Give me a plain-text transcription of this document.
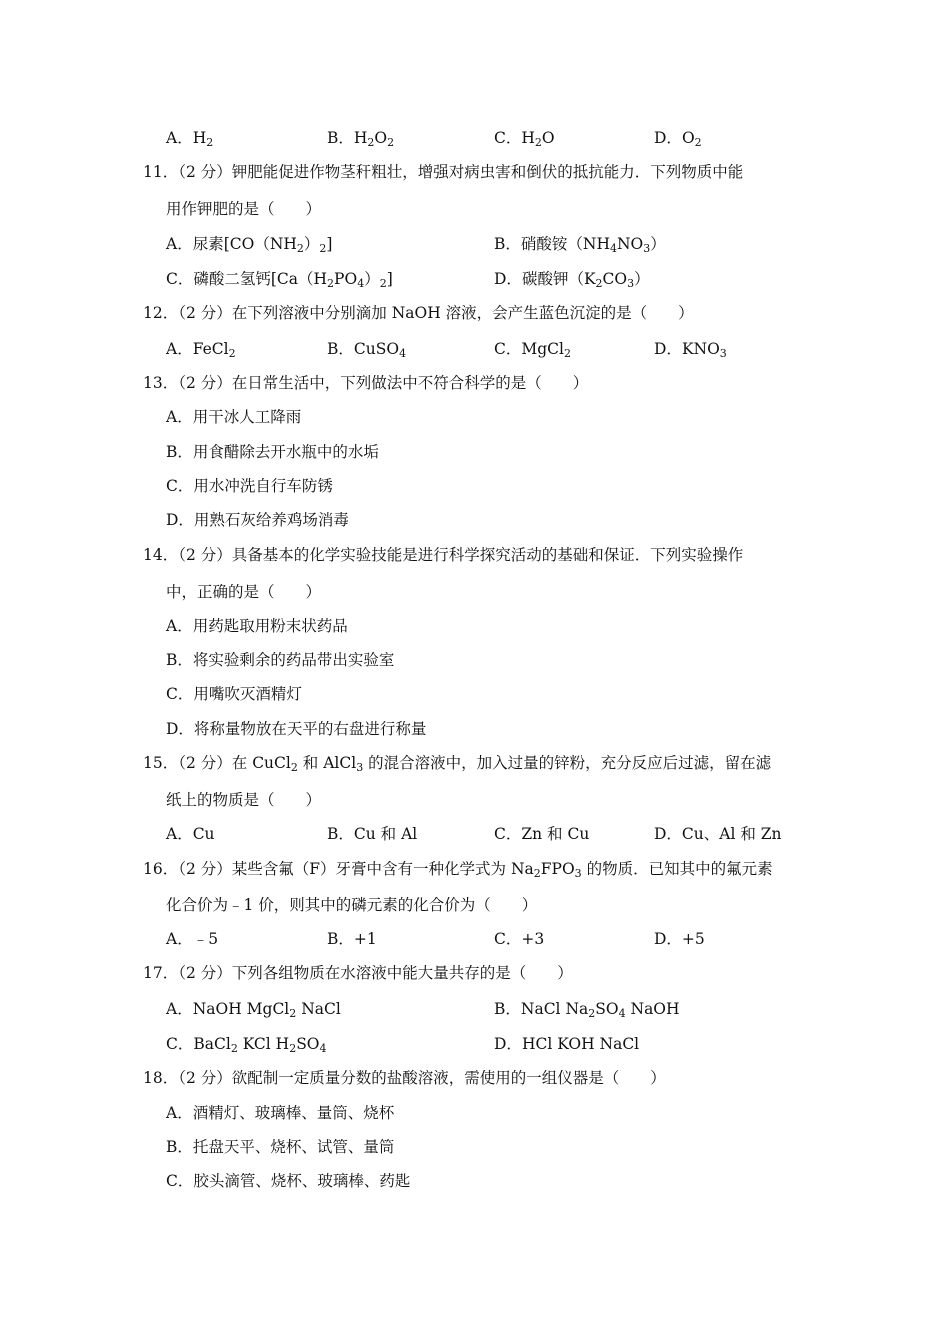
A．$H_2$	B．$H_2O_2$	C．$H_2O$	D．$O_2$
11．（2 分）钾肥能促进作物茎秆粗壮，增强对病虫害和倒伏的抵抗能力．下列物质中能
用作钾肥的是（　　）
A．尿素$[CO(NH_2)_2]$	B．硝酸铵$(NH_4NO_3)$
C．磷酸二氢钙$[Ca(H_2PO_4)_2]$	D．碳酸钾$(K_2CO_3)$
12．（2 分）在下列溶液中分别滴加 NaOH 溶液，会产生蓝色沉淀的是（　　）
A．FeCl$_2$	B．CuSO$_4$	C．MgCl$_2$	D．$KNO_3$
13．（2 分）在日常生活中，下列做法中不符合科学的是（　　）
A．用干冰人工降雨
B．用食醋除去开水瓶中的水垢
C．用水冲洗自行车防锈
D．用熟石灰给养鸡场消毒
14．（2 分）具备基本的化学实验技能是进行科学探究活动的基础和保证．下列实验操作
中，正确的是（　　）
A．用药匙取用粉末状药品
B．将实验剩余的药品带出实验室
C．用嘴吹灭酒精灯
D．将称量物放在天平的右盘进行称量
15．（2 分）在 CuCl$_2$ 和 AlCl$_3$ 的混合溶液中，加入过量的锌粉，充分反应后过滤，留在滤
纸上的物质是（　　）
A．Cu	B．Cu 和 Al	C．Zn 和 Cu	D．Cu、Al 和 Zn
16．（2 分）某些含氟（F）牙膏中含有一种化学式为 $Na_2FPO_3$ 的物质．已知其中的氟元素
化合价为﹣1 价，则其中的磷元素的化合价为（　　）
A．﹣5	B．+1	C．+3	D．+5
17．（2 分）下列各组物质在水溶液中能大量共存的是（　　）
A．NaOH MgCl$_2$ NaCl	B．NaCl $Na_2SO_4$ NaOH
C．BaCl$_2$ KCl $H_2SO_4$	D．HCl KOH NaCl
18．（2 分）欲配制一定质量分数的盐酸溶液，需使用的一组仪器是（　　）
A．酒精灯、玻璃棒、量筒、烧杯
B．托盘天平、烧杯、试管、量筒
C．胶头滴管、烧杯、玻璃棒、药匙
